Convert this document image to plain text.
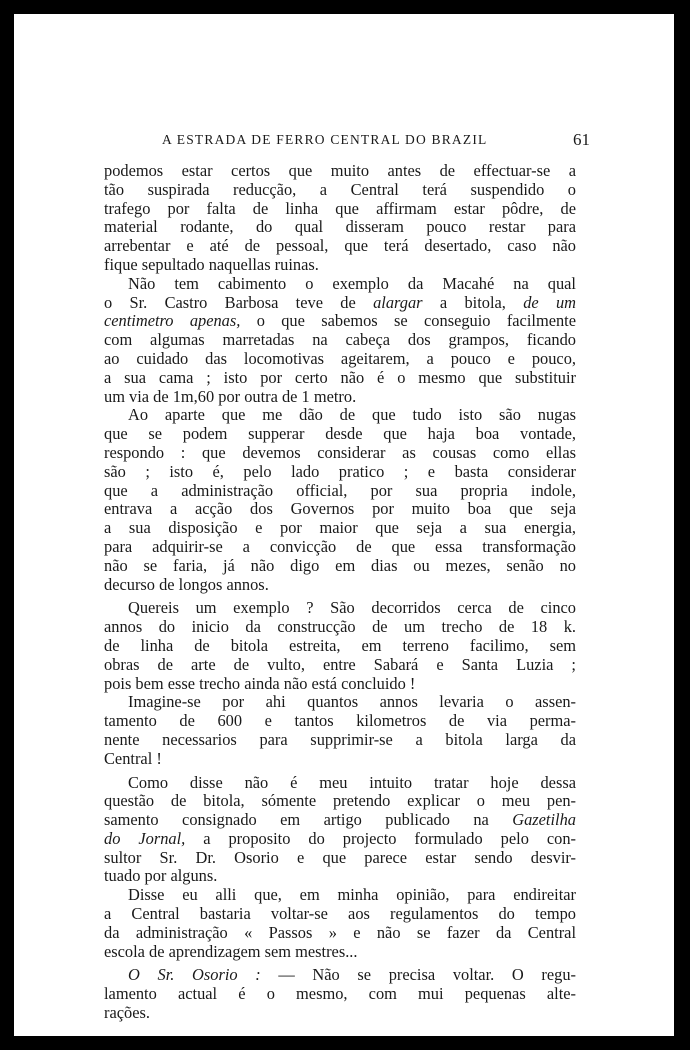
A ESTRADA DE FERRO CENTRAL DO BRAZIL	61
podemos estar certos que muito antes de effectuar-se a
tão suspirada reducção, a Central terá suspendido o
trafego por falta de linha que affirmam estar pôdre, de
material rodante, do qual disseram pouco restar para
arrebentar e até de pessoal, que terá desertado, caso não
fique sepultado naquellas ruinas.
Não tem cabimento o exemplo da Macahé na qual
o Sr. Castro Barbosa teve de alargar a bitola, de um
centimetro apenas, o que sabemos se conseguio facilmente
com algumas marretadas na cabeça dos grampos, ficando
ao cuidado das locomotivas ageitarem, a pouco e pouco,
a sua cama ; isto por certo não é o mesmo que substituir
um via de 1m,60 por outra de 1 metro.
Ao aparte que me dão de que tudo isto são nugas
que se podem supperar desde que haja boa vontade,
respondo : que devemos considerar as cousas como ellas
são ; isto é, pelo lado pratico ; e basta considerar
que a administração official, por sua propria indole,
entrava a acção dos Governos por muito boa que seja
a sua disposição e por maior que seja a sua energia,
para adquirir-se a convicção de que essa transformação
não se faria, já não digo em dias ou mezes, senão no
decurso de longos annos.
Quereis um exemplo ? São decorridos cerca de cinco
annos do inicio da construcção de um trecho de 18 k.
de linha de bitola estreita, em terreno facilimo, sem
obras de arte de vulto, entre Sabará e Santa Luzia ;
pois bem esse trecho ainda não está concluido !
Imagine-se por ahi quantos annos levaria o assen-
tamento de 600 e tantos kilometros de via perma-
nente necessarios para supprimir-se a bitola larga da
Central !
Como disse não é meu intuito tratar hoje dessa
questão de bitola, sómente pretendo explicar o meu pen-
samento consignado em artigo publicado na Gazetilha
do Jornal, a proposito do projecto formulado pelo con-
sultor Sr. Dr. Osorio e que parece estar sendo desvir-
tuado por alguns.
Disse eu alli que, em minha opinião, para endireitar
a Central bastaria voltar-se aos regulamentos do tempo
da administração « Passos » e não se fazer da Central
escola de aprendizagem sem mestres...
O Sr. Osorio : — Não se precisa voltar. O regu-
lamento actual é o mesmo, com mui pequenas alte-
rações.
